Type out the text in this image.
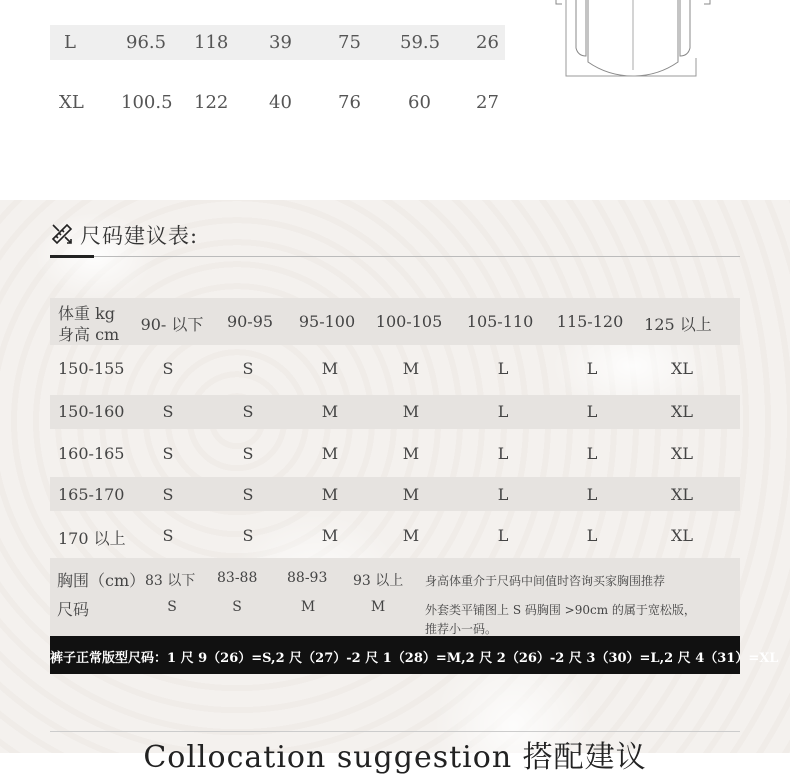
L	96.5 118 39	75 59.5 26
XL 100.5 122 40	76	60	27
尺码建议表:
体重 kg
身高 cm
90- 以下 90-95 95-100 100-105 105-110 115-120 125 以上
150-155 S	S	M	M	L	L	XL
150-160 S	S	M	M	L	L	XL
160-165 S	S	M	M	L	L	XL
165-170 S	S	M	M	L	L	XL
170 以上 S	S	M	M	L	L	XL
胸围（cm） 83 以下 83-88 88-93 93 以上 身高体重介于尺码中间值时咨询买家胸围推荐
尺码	S	S	M	M	外套类平铺图上 S 码胸围 >90cm 的属于宽松版，
推荐小一码。
裤子正常版型尺码：1 尺 9（26）=S,2 尺（27）-2 尺 1（28）=M,2 尺 2（26）-2 尺 3（30）=L,2 尺 4（31）=XL
Collocation suggestion 搭配建议
